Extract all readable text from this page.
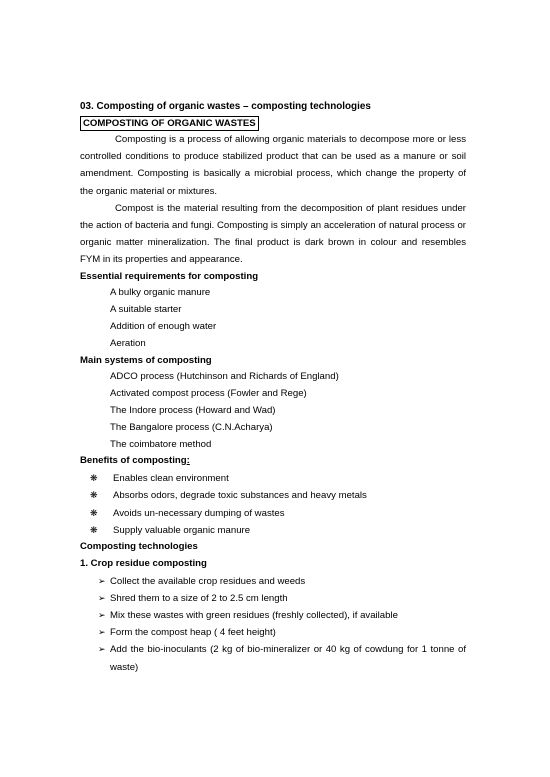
03. Composting of organic wastes – composting technologies
COMPOSTING OF ORGANIC WASTES

Composting is a process of allowing organic materials to decompose more or less controlled conditions to produce stabilized product that can be used as a manure or soil amendment. Composting is basically a microbial process, which change the property of the organic material or mixtures.

Compost is the material resulting from the decomposition of plant residues under the action of bacteria and fungi. Composting is simply an acceleration of natural process or organic matter mineralization. The final product is dark brown in colour and resembles FYM in its properties and appearance.

Essential requirements for composting
A bulky organic manure
A suitable starter
Addition of enough water
Aeration
Main systems of composting
ADCO process (Hutchinson and Richards of England)
Activated compost process (Fowler and Rege)
The Indore process (Howard and Wad)
The Bangalore process (C.N.Acharya)
The coimbatore method
Benefits of composting:
❋ Enables clean environment
❋ Absorbs odors, degrade toxic substances and heavy metals
❋ Avoids un-necessary dumping of wastes
❋ Supply valuable organic manure
Composting technologies
1. Crop residue composting
➢ Collect the available crop residues and weeds
➢ Shred them to a size of 2 to 2.5 cm length
➢ Mix these wastes with green residues (freshly collected), if available
➢ Form the compost heap ( 4 feet height)
➢ Add the bio-inoculants (2 kg of bio-mineralizer or 40 kg of cowdung for 1 tonne of waste)
